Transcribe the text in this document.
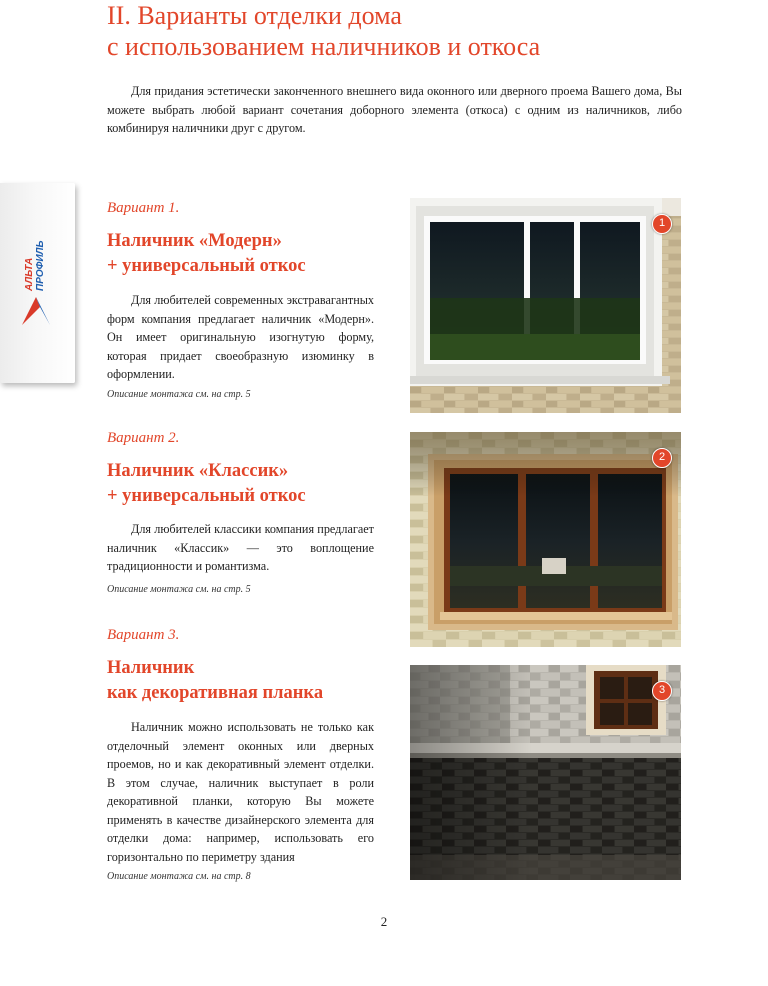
II. Варианты отделки дома
с использованием наличников и откоса

Для придания эстетически законченного внешнего вида оконного или дверного проема Вашего дома, Вы можете выбрать любой вариант сочетания доборного элемента (откоса) с одним из наличников, либо комбинируя наличники друг с другом.

АЛЬТА ПРОФИЛЬ
Вариант 1.
Наличник «Модерн»
+ универсальный откос

Для любителей современных экстравагантных форм компания предлагает наличник «Модерн». Он имеет оригинальную изогнутую форму, которая придает своеобразную изюминку в оформлении.

Описание монтажа см. на стр. 5
1
Вариант 2.
Наличник «Классик»
+ универсальный откос

Для любителей классики компания предлагает наличник «Классик» — это воплощение традиционности и романтизма.

Описание монтажа см. на стр. 5
2
Вариант 3.
Наличник
как декоративная планка

Наличник можно использовать не только как отделочный элемент оконных или дверных проемов, но и как декоративный элемент отделки. В этом случае, наличник выступает в роли декоративной планки, которую Вы можете применять в качестве дизайнерского элемента для отделки дома: например, использовать его горизонтально по периметру здания

Описание монтажа см. на стр. 8
3
2
